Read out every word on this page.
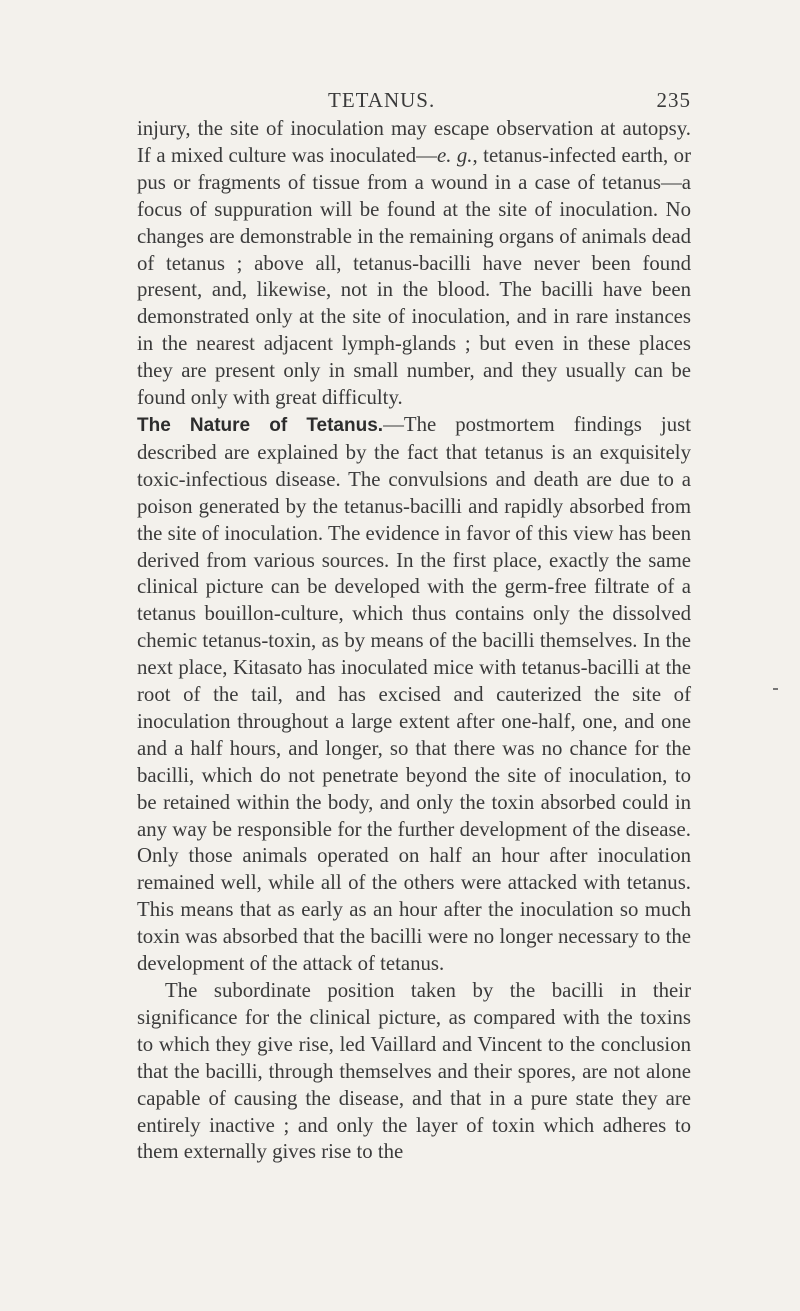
TETANUS.	235

injury, the site of inoculation may escape observation at autopsy. If a mixed culture was inoculated—e. g., tetanus-infected earth, or pus or fragments of tissue from a wound in a case of tetanus—a focus of suppuration will be found at the site of inoculation. No changes are demonstrable in the remaining organs of animals dead of tetanus ; above all, tetanus-bacilli have never been found present, and, likewise, not in the blood. The bacilli have been demonstrated only at the site of inoculation, and in rare instances in the nearest adjacent lymph-glands ; but even in these places they are present only in small number, and they usually can be found only with great difficulty.

The Nature of Tetanus.—The postmortem findings just described are explained by the fact that tetanus is an exquisitely toxic-infectious disease. The convulsions and death are due to a poison generated by the tetanus-bacilli and rapidly absorbed from the site of inoculation. The evidence in favor of this view has been derived from various sources. In the first place, exactly the same clinical picture can be developed with the germ-free filtrate of a tetanus bouillon-culture, which thus contains only the dissolved chemic tetanus-toxin, as by means of the bacilli themselves. In the next place, Kitasato has inoculated mice with tetanus-bacilli at the root of the tail, and has excised and cauterized the site of inoculation throughout a large extent after one-half, one, and one and a half hours, and longer, so that there was no chance for the bacilli, which do not penetrate beyond the site of inoculation, to be retained within the body, and only the toxin absorbed could in any way be responsible for the further development of the disease. Only those animals operated on half an hour after inoculation remained well, while all of the others were attacked with tetanus. This means that as early as an hour after the inoculation so much toxin was absorbed that the bacilli were no longer necessary to the development of the attack of tetanus.

The subordinate position taken by the bacilli in their significance for the clinical picture, as compared with the toxins to which they give rise, led Vaillard and Vincent to the conclusion that the bacilli, through themselves and their spores, are not alone capable of causing the disease, and that in a pure state they are entirely inactive ; and only the layer of toxin which adheres to them externally gives rise to the
